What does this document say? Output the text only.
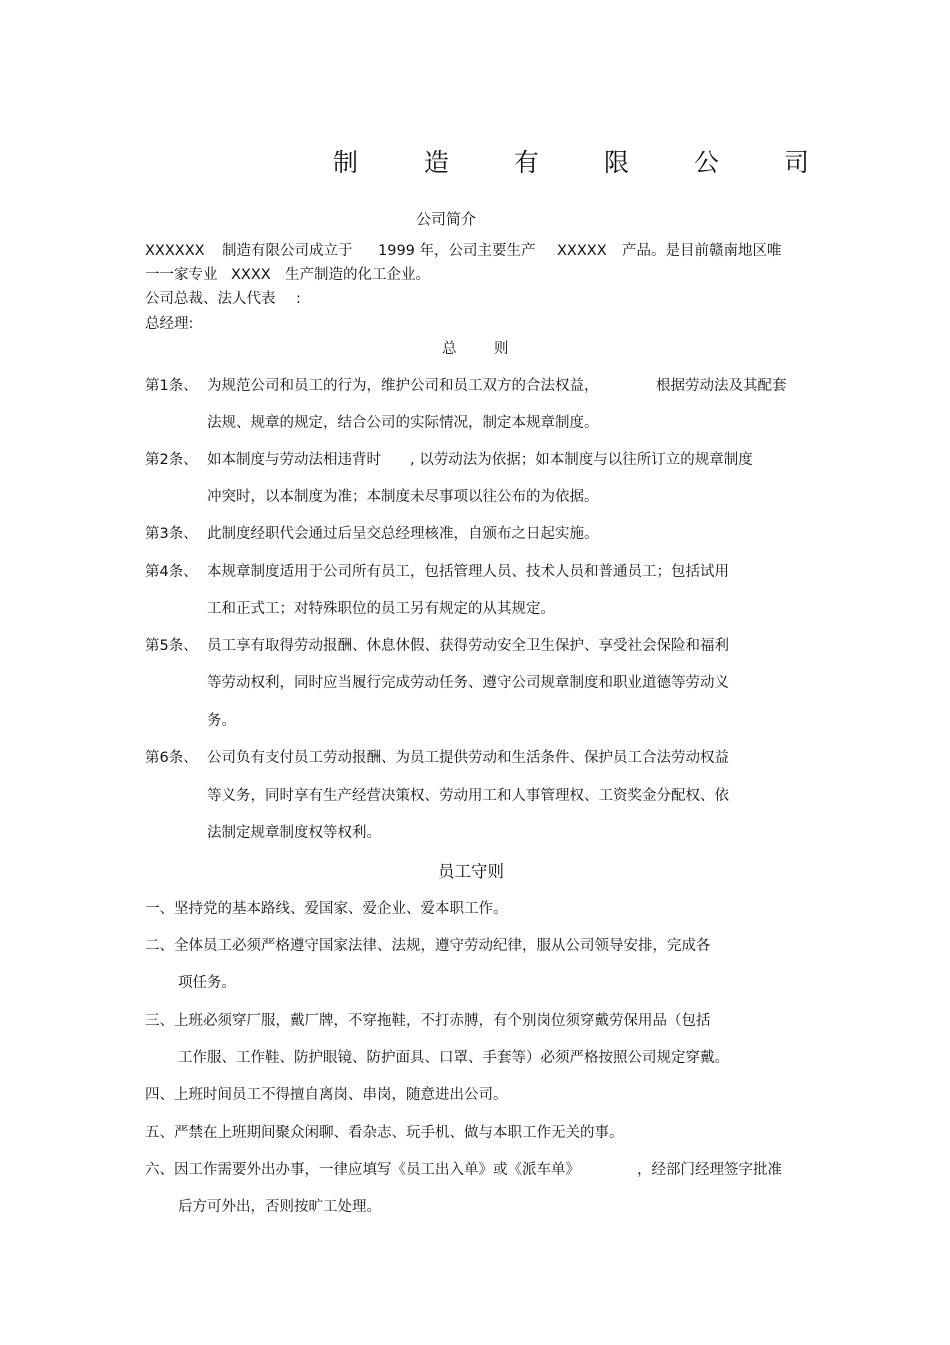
制	造	有	限	公	司
公司简介
XXXXXX 制造有限公司成立于 1999 年，公司主要生产 XXXXX 产品。是目前赣南地区唯
一一家专业 XXXX 生产制造的化工企业。
公司总裁、法人代表 :
总经理:
总	则
第1条、 为规范公司和员工的行为，维护公司和员工双方的合法权益，	根据劳动法及其配套
法规、规章的规定，结合公司的实际情况，制定本规章制度。
第2条、 如本制度与劳动法相违背时 , 以劳动法为依据；如本制度与以往所订立的规章制度
冲突时，以本制度为准；本制度未尽事项以往公布的为依据。
第3条、 此制度经职代会通过后呈交总经理核准，自颁布之日起实施。
第4条、 本规章制度适用于公司所有员工，包括管理人员、技术人员和普通员工；包括试用
工和正式工；对特殊职位的员工另有规定的从其规定。
第5条、 员工享有取得劳动报酬、休息休假、获得劳动安全卫生保护、享受社会保险和福利
等劳动权利，同时应当履行完成劳动任务、遵守公司规章制度和职业道德等劳动义
务。
第6条、 公司负有支付员工劳动报酬、为员工提供劳动和生活条件、保护员工合法劳动权益
等义务，同时享有生产经营决策权、劳动用工和人事管理权、工资奖金分配权、依
法制定规章制度权等权利。
员工守则
一、坚持党的基本路线、爱国家、爱企业、爱本职工作。
二、全体员工必须严格遵守国家法律、法规，遵守劳动纪律，服从公司领导安排，完成各
项任务。
三、上班必须穿厂服，戴厂牌，不穿拖鞋，不打赤膊，有个别岗位须穿戴劳保用品（包括
工作服、工作鞋、防护眼镜、防护面具、口罩、手套等）必须严格按照公司规定穿戴。
四、上班时间员工不得擅自离岗、串岗，随意进出公司。
五、严禁在上班期间聚众闲聊、看杂志、玩手机、做与本职工作无关的事。
六、因工作需要外出办事，一律应填写《员工出入单》或《派车单》	，经部门经理签字批准
后方可外出，否则按旷工处理。
